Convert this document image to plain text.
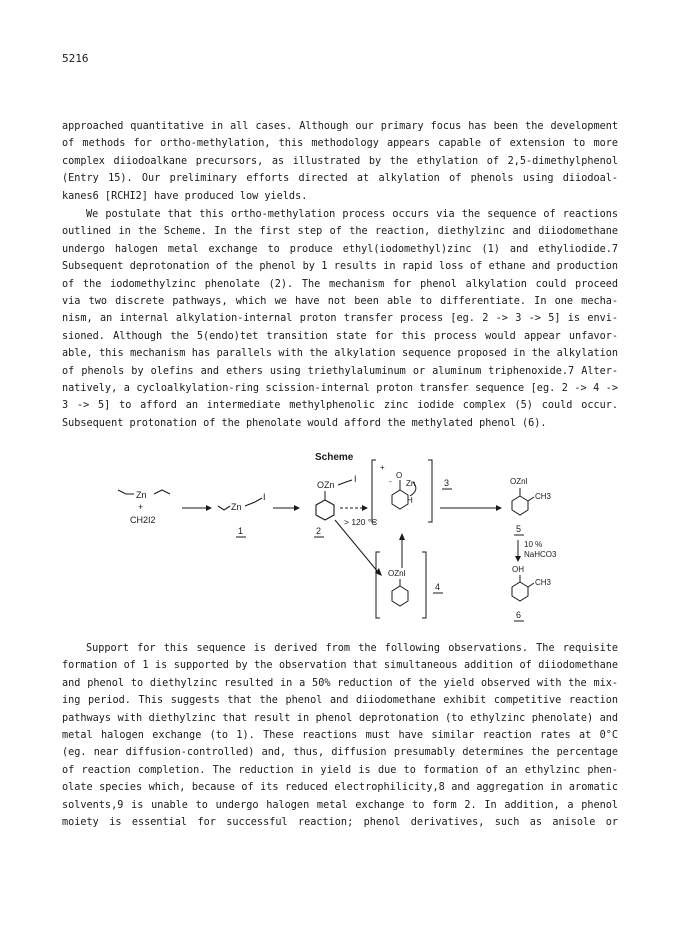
5216
approached quantitative in all cases. Although our primary focus has been the development
of methods for ortho-methylation, this methodology appears capable of extension to more
complex diiodoalkane precursors, as illustrated by the ethylation of 2,5-dimethylphenol
(Entry 15). Our preliminary efforts directed at alkylation of phenols using diiodoal-
kanes6 [RCHI2] have produced low yields.
We postulate that this ortho-methylation process occurs via the sequence of reactions
outlined in the Scheme. In the first step of the reaction, diethylzinc and diiodomethane
undergo halogen metal exchange to produce ethyl(iodomethyl)zinc (1) and ethyliodide.7
Subsequent deprotonation of the phenol by 1 results in rapid loss of ethane and production
of the iodomethylzinc phenolate (2). The mechanism for phenol alkylation could proceed
via two discrete pathways, which we have not been able to differentiate. In one mecha-
nism, an internal alkylation-internal proton transfer process [eg. 2 -> 3 -> 5] is envi-
sioned. Although the 5(endo)tet transition state for this process would appear unfavor-
able, this mechanism has parallels with the alkylation sequence proposed in the alkylation
of phenols by olefins and ethers using triethylaluminum or aluminum triphenoxide.7 Alter-
natively, a cycloalkylation-ring scission-internal proton transfer sequence [eg. 2 -> 4 ->
3 -> 5] to afford an intermediate methylphenolic zinc iodide complex (5) could occur.
Subsequent protonation of the phenolate would afford the methylated phenol (6).
Scheme
Zn
+
CH2I2
Zn
I
1
OZn
I
2
> 120 °C
O
Zn
H
+
-	3
OZnI
4
OZnI
CH3
5
10 %
NaHCO3
OH
CH3
6
Support for this sequence is derived from the following observations. The requisite
formation of 1 is supported by the observation that simultaneous addition of diiodomethane
and phenol to diethylzinc resulted in a 50% reduction of the yield observed with the mix-
ing period. This suggests that the phenol and diiodomethane exhibit competitive reaction
pathways with diethylzinc that result in phenol deprotonation (to ethylzinc phenolate) and
metal halogen exchange (to 1). These reactions must have similar reaction rates at 0°C
(eg. near diffusion-controlled) and, thus, diffusion presumably determines the percentage
of reaction completion. The reduction in yield is due to formation of an ethylzinc phen-
olate species which, because of its reduced electrophilicity,8 and aggregation in aromatic
solvents,9 is unable to undergo halogen metal exchange to form 2. In addition, a phenol
moiety is essential for successful reaction; phenol derivatives, such as anisole or
